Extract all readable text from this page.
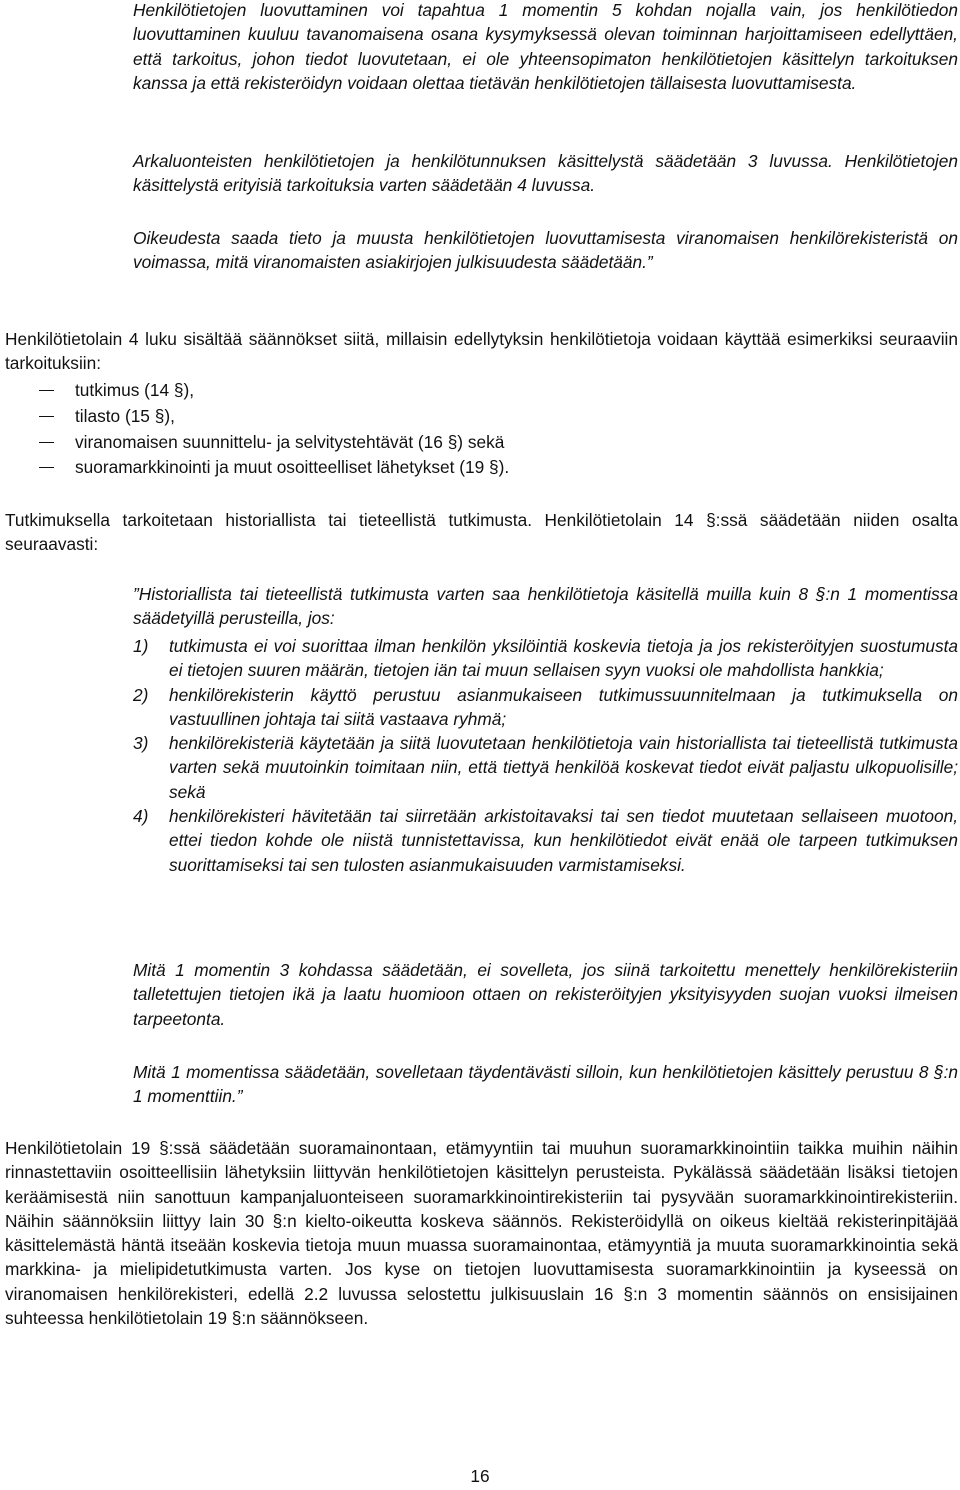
Henkilötietojen luovuttaminen voi tapahtua 1 momentin 5 kohdan nojalla vain, jos henkilötiedon luovuttaminen kuuluu tavanomaisena osana kysymyksessä olevan toiminnan harjoittamiseen edellyttäen, että tarkoitus, johon tiedot luovutetaan, ei ole yhteensopimaton henkilötietojen käsittelyn tarkoituksen kanssa ja että rekisteröidyn voidaan olettaa tietävän henkilötietojen tällaisesta luovuttamisesta.

Arkaluonteisten henkilötietojen ja henkilötunnuksen käsittelystä säädetään 3 luvussa. Henkilötietojen käsittelystä erityisiä tarkoituksia varten säädetään 4 luvussa.

Oikeudesta saada tieto ja muusta henkilötietojen luovuttamisesta viranomaisen henkilörekisteristä on voimassa, mitä viranomaisten asiakirjojen julkisuudesta säädetään.”

Henkilötietolain 4 luku sisältää säännökset siitä, millaisin edellytyksin henkilötietoja voidaan käyttää esimerkiksi seuraaviin tarkoituksiin:

tutkimus (14 §),
tilasto (15 §),
viranomaisen suunnittelu- ja selvitystehtävät (16 §) sekä
suoramarkkinointi ja muut osoitteelliset lähetykset (19 §).

Tutkimuksella tarkoitetaan historiallista tai tieteellistä tutkimusta. Henkilötietolain 14 §:ssä säädetään niiden osalta seuraavasti:

”Historiallista tai tieteellistä tutkimusta varten saa henkilötietoja käsitellä muilla kuin 8 §:n 1 momentissa säädetyillä perusteilla, jos:

1) tutkimusta ei voi suorittaa ilman henkilön yksilöintiä koskevia tietoja ja jos rekisteröityjen suostumusta ei tietojen suuren määrän, tietojen iän tai muun sellaisen syyn vuoksi ole mahdollista hankkia;
2) henkilörekisterin käyttö perustuu asianmukaiseen tutkimussuunnitelmaan ja tutkimuksella on vastuullinen johtaja tai siitä vastaava ryhmä;
3) henkilörekisteriä käytetään ja siitä luovutetaan henkilötietoja vain historiallista tai tieteellistä tutkimusta varten sekä muutoinkin toimitaan niin, että tiettyä henkilöä koskevat tiedot eivät paljastu ulkopuolisille; sekä
4) henkilörekisteri hävitetään tai siirretään arkistoitavaksi tai sen tiedot muutetaan sellaiseen muotoon, ettei tiedon kohde ole niistä tunnistettavissa, kun henkilötiedot eivät enää ole tarpeen tutkimuksen suorittamiseksi tai sen tulosten asianmukaisuuden varmistamiseksi.

Mitä 1 momentin 3 kohdassa säädetään, ei sovelleta, jos siinä tarkoitettu menettely henkilörekisteriin talletettujen tietojen ikä ja laatu huomioon ottaen on rekisteröityjen yksityisyyden suojan vuoksi ilmeisen tarpeetonta.

Mitä 1 momentissa säädetään, sovelletaan täydentävästi silloin, kun henkilötietojen käsittely perustuu 8 §:n 1 momenttiin.”

Henkilötietolain 19 §:ssä säädetään suoramainontaan, etämyyntiin tai muuhun suoramarkkinointiin taikka muihin näihin rinnastettaviin osoitteellisiin lähetyksiin liittyvän henkilötietojen käsittelyn perusteista. Pykälässä säädetään lisäksi tietojen keräämisestä niin sanottuun kampanjaluonteiseen suoramarkkinointirekisteriin tai pysyvään suoramarkkinointirekisteriin. Näihin säännöksiin liittyy lain 30 §:n kielto-oikeutta koskeva säännös. Rekisteröidyllä on oikeus kieltää rekisterinpitäjää käsittelemästä häntä itseään koskevia tietoja muun muassa suoramainontaa, etämyyntiä ja muuta suoramarkkinointia sekä markkina- ja mielipidetutkimusta varten. Jos kyse on tietojen luovuttamisesta suoramarkkinointiin ja kyseessä on viranomaisen henkilörekisteri, edellä 2.2 luvussa selostettu julkisuuslain 16 §:n 3 momentin säännös on ensisijainen suhteessa henkilötietolain 19 §:n säännökseen.

16
